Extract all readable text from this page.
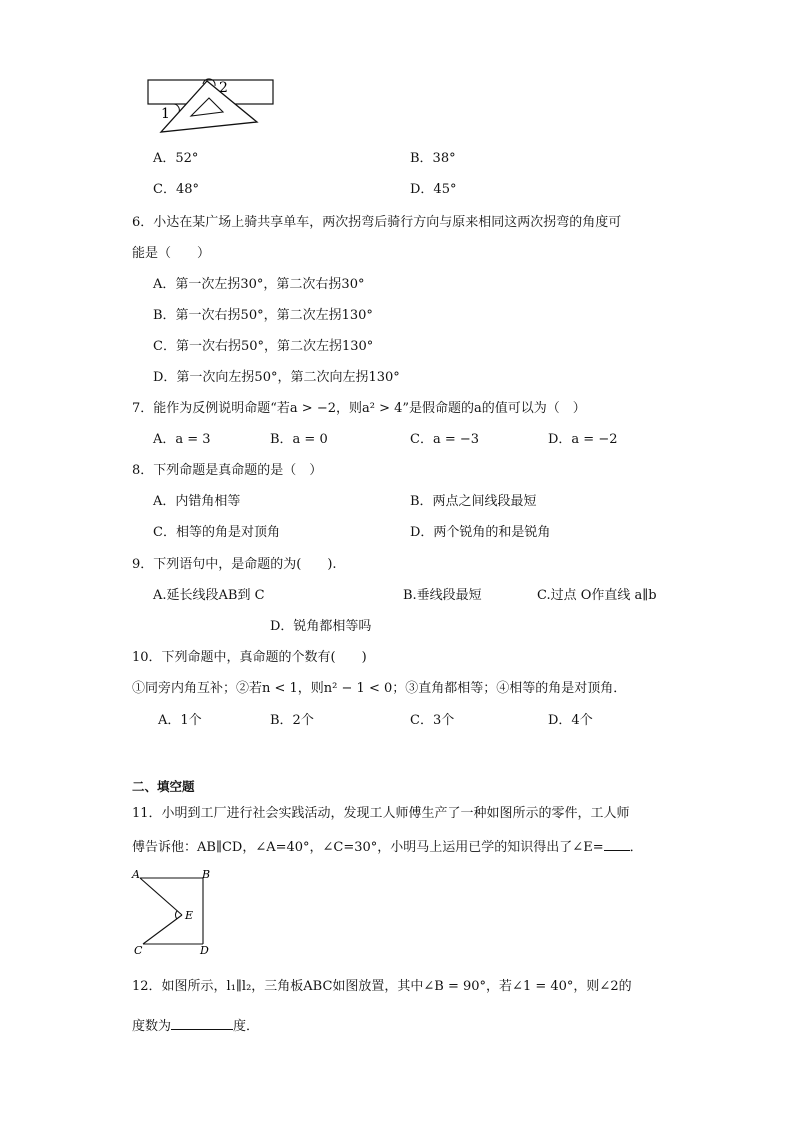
1
2
A．52°	B．38°
C．48°	D．45°
6．小达在某广场上骑共享单车，两次拐弯后骑行方向与原来相同这两次拐弯的角度可
能是（　　）
A．第一次左拐30°，第二次右拐30°
B．第一次右拐50°，第二次左拐130°
C．第一次右拐50°，第二次左拐130°
D．第一次向左拐50°，第二次向左拐130°
7．能作为反例说明命题“若a > −2，则a² > 4”是假命题的a的值可以为（　）
A．a = 3	B．a = 0	C．a = −3	D．a = −2
8．下列命题是真命题的是（　）
A．内错角相等	B．两点之间线段最短
C．相等的角是对顶角	D．两个锐角的和是锐角
9．下列语句中，是命题的为(　　).
A.延长线段AB到 C	B.垂线段最短	C.过点 O作直线 a∥b
D．锐角都相等吗
10．下列命题中，真命题的个数有(　　)
①同旁内角互补；②若n < 1，则n² − 1 < 0；③直角都相等；④相等的角是对顶角．
A．1个	B．2个	C．3个	D．4个
二、填空题
11．小明到工厂进行社会实践活动，发现工人师傅生产了一种如图所示的零件，工人师
傅告诉他：AB∥CD，∠A=40°，∠C=30°，小明马上运用已学的知识得出了∠E= ．
A	B
C	D
E
12．如图所示，l₁∥l₂，三角板ABC如图放置，其中∠B = 90°，若∠1 = 40°，则∠2的
度数为	度．
